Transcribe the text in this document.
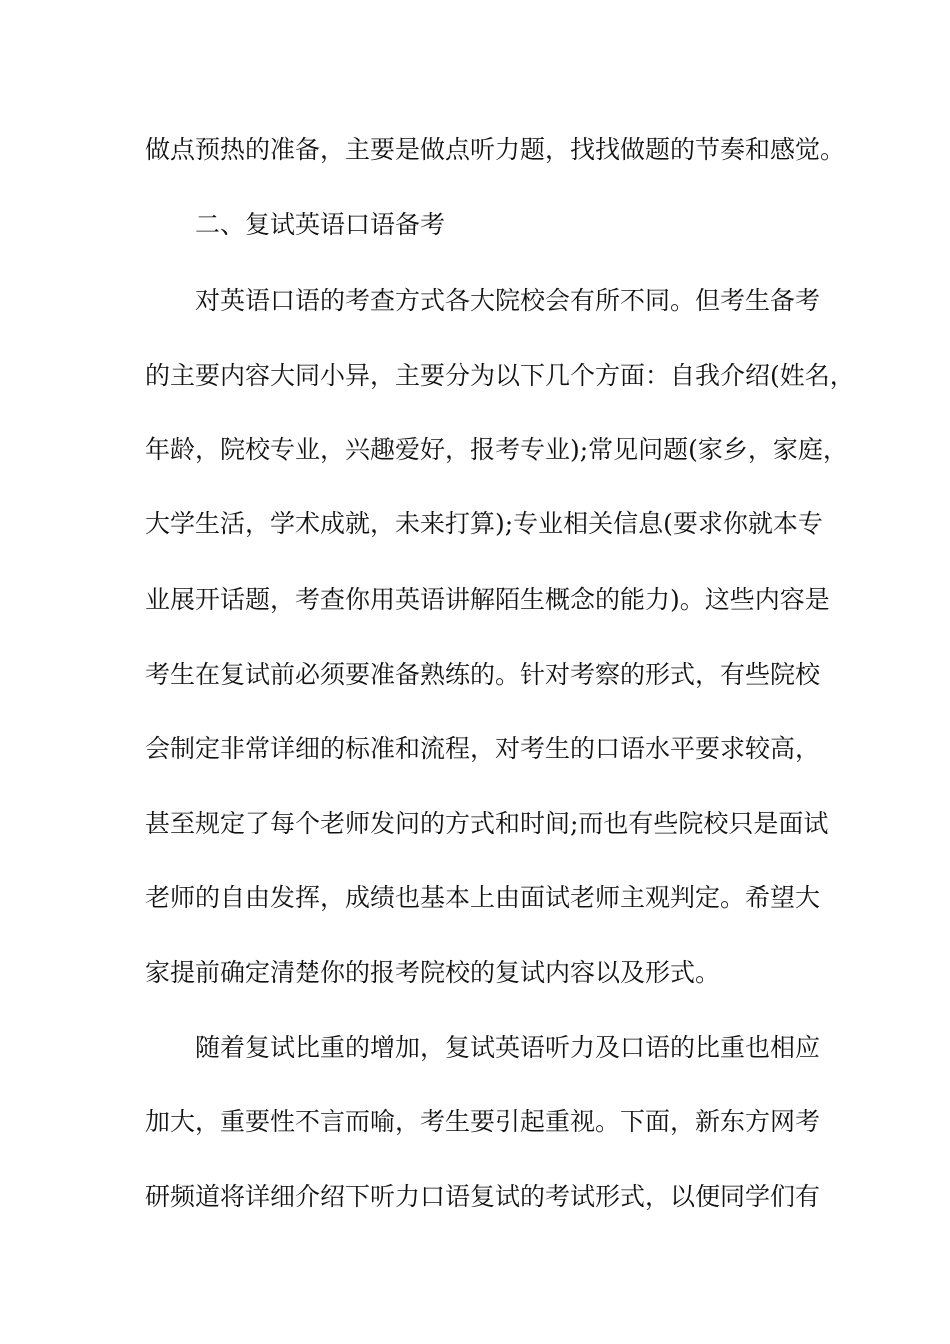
做点预热的准备，主要是做点听力题，找找做题的节奏和感觉。
二、复试英语口语备考
对英语口语的考查方式各大院校会有所不同。但考生备考
的主要内容大同小异，主要分为以下几个方面：自我介绍(姓名，
年龄，院校专业，兴趣爱好，报考专业);常见问题(家乡，家庭，
大学生活，学术成就，未来打算);专业相关信息(要求你就本专
业展开话题，考查你用英语讲解陌生概念的能力)。这些内容是
考生在复试前必须要准备熟练的。针对考察的形式，有些院校
会制定非常详细的标准和流程，对考生的口语水平要求较高，
甚至规定了每个老师发问的方式和时间;而也有些院校只是面试
老师的自由发挥，成绩也基本上由面试老师主观判定。希望大
家提前确定清楚你的报考院校的复试内容以及形式。
随着复试比重的增加，复试英语听力及口语的比重也相应
加大，重要性不言而喻，考生要引起重视。下面，新东方网考
研频道将详细介绍下听力口语复试的考试形式，以便同学们有
